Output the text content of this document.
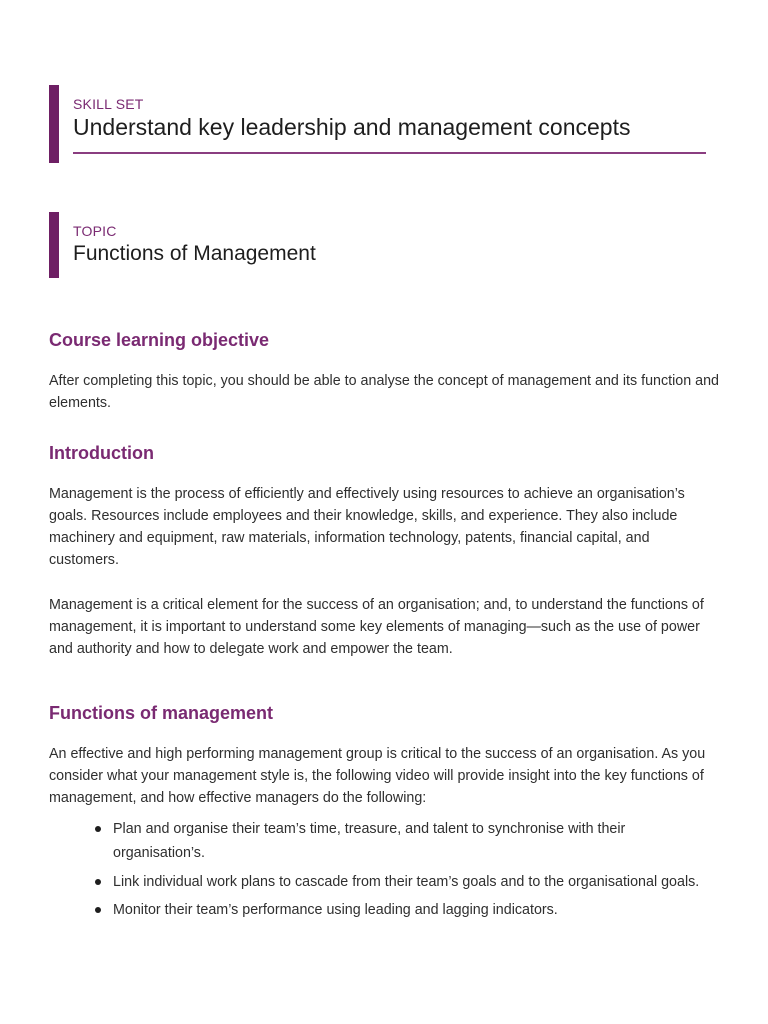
SKILL SET
Understand key leadership and management concepts
TOPIC
Functions of Management
Course learning objective

After completing this topic, you should be able to analyse the concept of management and its function and elements.

Introduction

Management is the process of efficiently and effectively using resources to achieve an organisation’s goals. Resources include employees and their knowledge, skills, and experience. They also include machinery and equipment, raw materials, information technology, patents, financial capital, and customers.

Management is a critical element for the success of an organisation; and, to understand the functions of management, it is important to understand some key elements of managing—such as the use of power and authority and how to delegate work and empower the team.

Functions of management

An effective and high performing management group is critical to the success of an organisation. As you consider what your management style is, the following video will provide insight into the key functions of management, and how effective managers do the following:

Plan and organise their team’s time, treasure, and talent to synchronise with their organisation’s.
Link individual work plans to cascade from their team’s goals and to the organisational goals.
Monitor their team’s performance using leading and lagging indicators.
